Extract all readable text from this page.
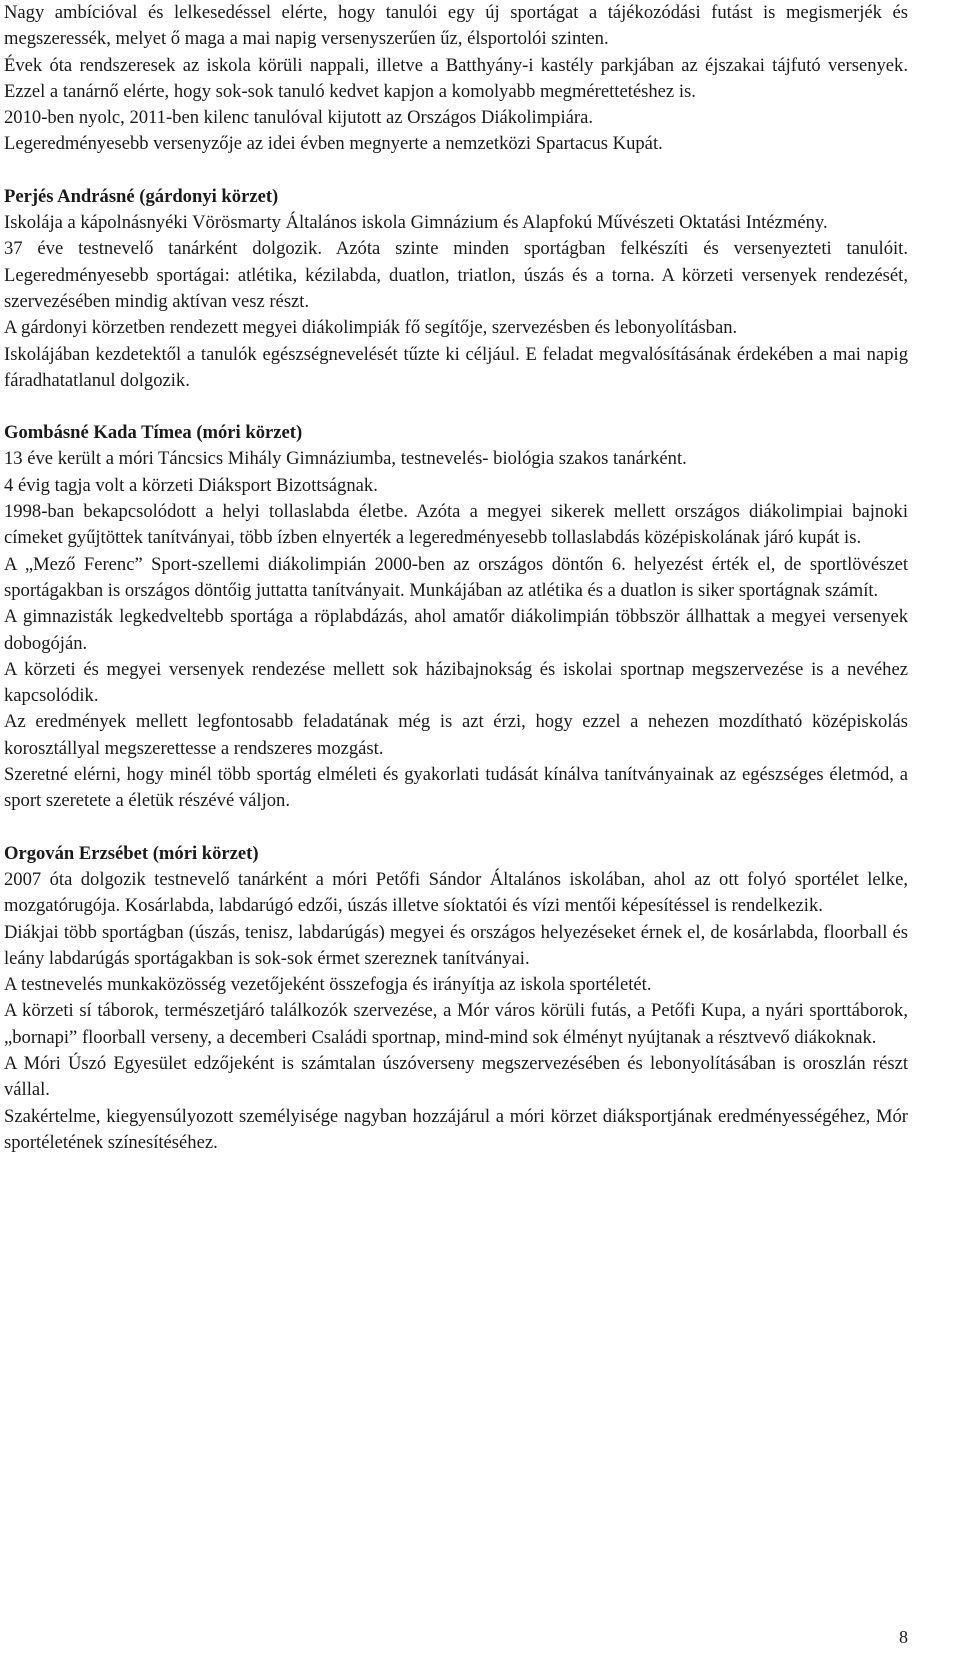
Nagy ambícióval és lelkesedéssel elérte, hogy tanulói egy új sportágat a tájékozódási futást is megismerjék és megszeressék, melyet ő maga a mai napig versenyszerűen űz, élsportolói szinten.

Évek óta rendszeresek az iskola körüli nappali, illetve a Batthyány-i kastély parkjában az éjszakai tájfutó versenyek. Ezzel a tanárnő elérte, hogy sok-sok tanuló kedvet kapjon a komolyabb megmérettetéshez is.

2010-ben nyolc, 2011-ben kilenc tanulóval kijutott az Országos Diákolimpiára.

Legeredményesebb versenyzője az idei évben megnyerte a nemzetközi Spartacus Kupát.

Perjés Andrásné (gárdonyi körzet)

Iskolája a kápolnásnyéki Vörösmarty Általános iskola Gimnázium és Alapfokú Művészeti Oktatási Intézmény.

37 éve testnevelő tanárként dolgozik. Azóta szinte minden sportágban felkészíti és versenyezteti tanulóit. Legeredményesebb sportágai: atlétika, kézilabda, duatlon, triatlon, úszás és a torna. A körzeti versenyek rendezését, szervezésében mindig aktívan vesz részt.

A gárdonyi körzetben rendezett megyei diákolimpiák fő segítője, szervezésben és lebonyolításban.

Iskolájában kezdetektől a tanulók egészségnevelését tűzte ki céljául. E feladat megvalósításának érdekében a mai napig fáradhatatlanul dolgozik.

Gombásné Kada Tímea (móri körzet)

13 éve került a móri Táncsics Mihály Gimnáziumba, testnevelés- biológia szakos tanárként.

4 évig tagja volt a körzeti Diáksport Bizottságnak.

1998-ban bekapcsolódott a helyi tollaslabda életbe. Azóta a megyei sikerek mellett országos diákolimpiai bajnoki címeket gyűjtöttek tanítványai, több ízben elnyerték a legeredményesebb tollaslabdás középiskolának járó kupát is.

A „Mező Ferenc” Sport-szellemi diákolimpián 2000-ben az országos döntőn 6. helyezést érték el, de sportlövészet sportágakban is országos döntőig juttatta tanítványait. Munkájában az atlétika és a duatlon is siker sportágnak számít.

A gimnazisták legkedveltebb sportága a röplabdázás, ahol amatőr diákolimpián többször állhattak a megyei versenyek dobogóján.

A körzeti és megyei versenyek rendezése mellett sok házibajnokság és iskolai sportnap megszervezése is a nevéhez kapcsolódik.

Az eredmények mellett legfontosabb feladatának még is azt érzi, hogy ezzel a nehezen mozdítható középiskolás korosztállyal megszerettesse a rendszeres mozgást.

Szeretné elérni, hogy minél több sportág elméleti és gyakorlati tudását kínálva tanítványainak az egészséges életmód, a sport szeretete a életük részévé váljon.

Orgován Erzsébet (móri körzet)

2007 óta dolgozik testnevelő tanárként a móri Petőfi Sándor Általános iskolában, ahol az ott folyó sportélet lelke, mozgatórugója. Kosárlabda, labdarúgó edzői, úszás illetve síoktatói és vízi mentői képesítéssel is rendelkezik.

Diákjai több sportágban (úszás, tenisz, labdarúgás) megyei és országos helyezéseket érnek el, de kosárlabda, floorball és leány labdarúgás sportágakban is sok-sok érmet szereznek tanítványai.

A testnevelés munkaközösség vezetőjeként összefogja és irányítja az iskola sportéletét.

A körzeti sí táborok, természetjáró találkozók szervezése, a Mór város körüli futás, a Petőfi Kupa, a nyári sporttáborok, „bornapi” floorball verseny, a decemberi Családi sportnap, mind-mind sok élményt nyújtanak a résztvevő diákoknak.

A Móri Úszó Egyesület edzőjeként is számtalan úszóverseny megszervezésében és lebonyolításában is oroszlán részt vállal.

Szakértelme, kiegyensúlyozott személyisége nagyban hozzájárul a móri körzet diáksportjának eredményességéhez, Mór sportéletének színesítéséhez.

8
